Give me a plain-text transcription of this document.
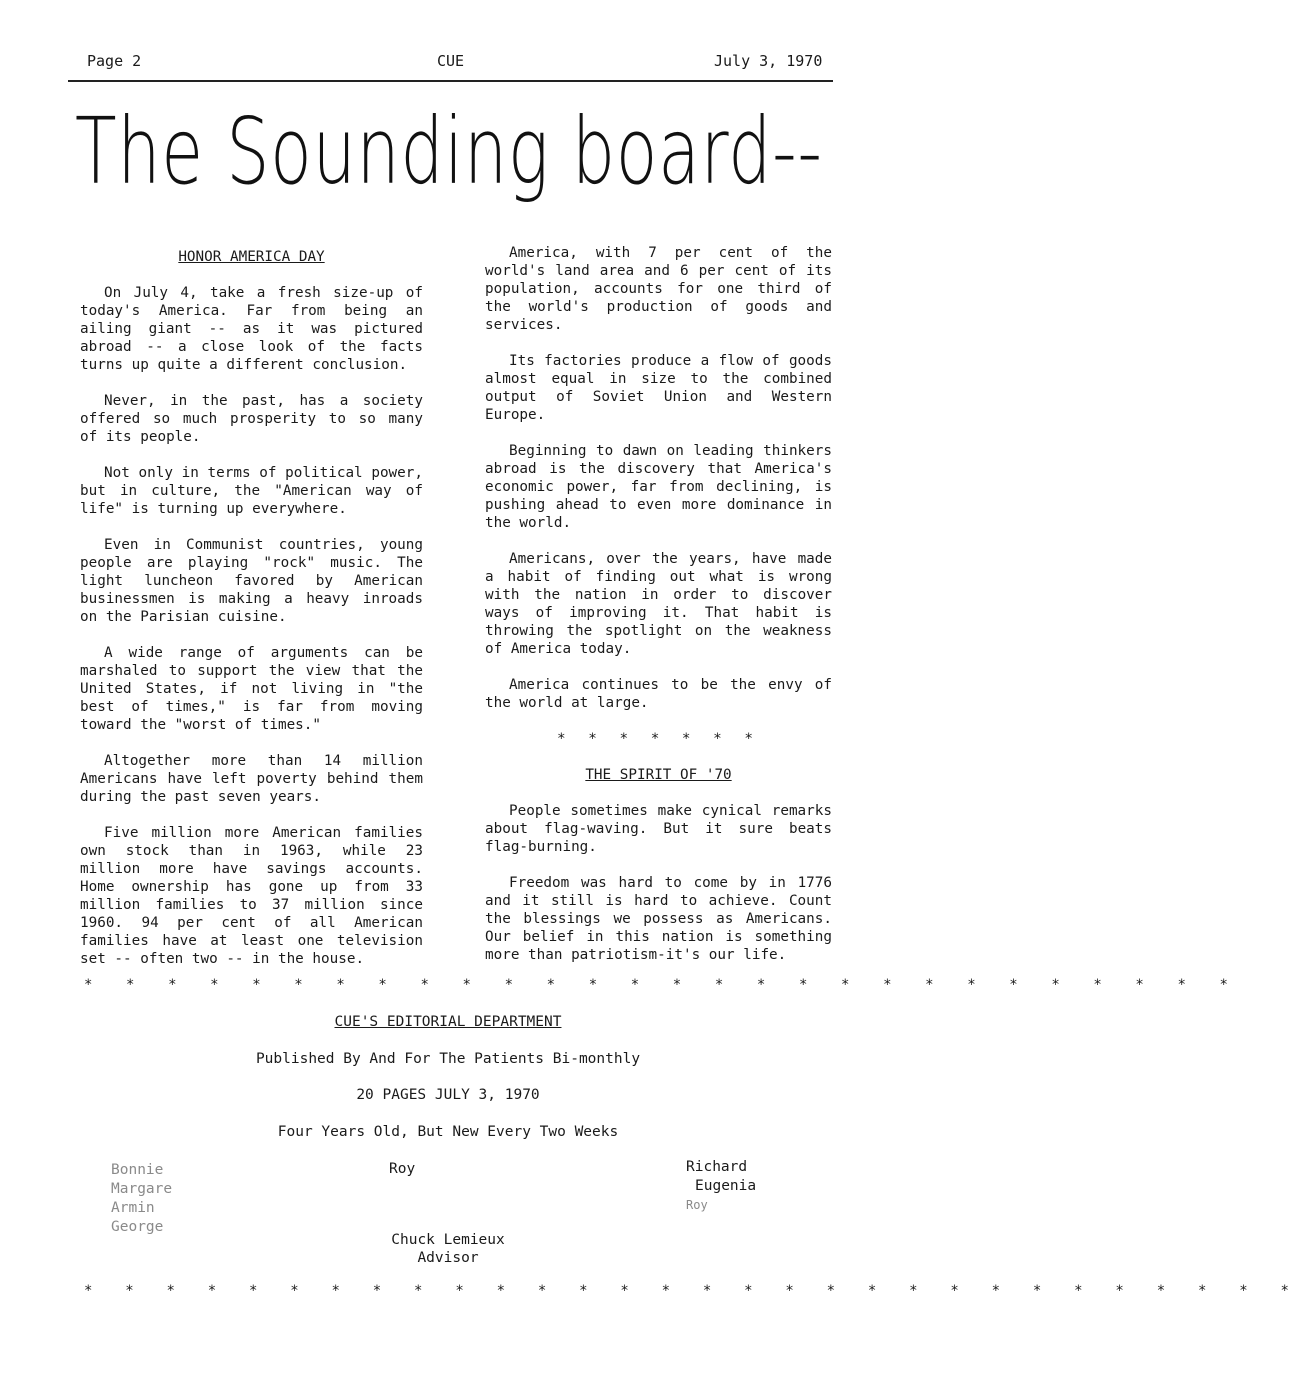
Page 2	CUE	July 3, 1970
The Sounding board--
HONOR AMERICA DAY

On July 4, take a fresh size-up of today's America. Far from being an ailing giant -- as it was pictured abroad -- a close look of the facts turns up quite a different conclusion.

Never, in the past, has a society offered so much prosperity to so many of its people.

Not only in terms of political power, but in culture, the "American way of life" is turning up everywhere.

Even in Communist countries, young people are playing "rock" music. The light luncheon favored by American businessmen is making a heavy inroads on the Parisian cuisine.

A wide range of arguments can be marshaled to support the view that the United States, if not living in "the best of times," is far from moving toward the "worst of times."

Altogether more than 14 million Americans have left poverty behind them during the past seven years.

Five million more American families own stock than in 1963, while 23 million more have savings accounts. Home ownership has gone up from 33 million families to 37 million since 1960. 94 per cent of all American families have at least one television set -- often two -- in the house.

America, with 7 per cent of the world's land area and 6 per cent of its population, accounts for one third of the world's production of goods and services.

Its factories produce a flow of goods almost equal in size to the combined output of Soviet Union and Western Europe.

Beginning to dawn on leading thinkers abroad is the discovery that America's economic power, far from declining, is pushing ahead to even more dominance in the world.

Americans, over the years, have made a habit of finding out what is wrong with the nation in order to discover ways of improving it. That habit is throwing the spotlight on the weakness of America today.

America continues to be the envy of the world at large.

* * * * * * *
THE SPIRIT OF '70

People sometimes make cynical remarks about flag-waving. But it sure beats flag-burning.

Freedom was hard to come by in 1776 and it still is hard to achieve. Count the blessings we possess as Americans. Our belief in this nation is something more than patriotism-it's our life.

* * * * * * * * * * * * * * * * * * * * * * * * * * * *
CUE'S EDITORIAL DEPARTMENT
Published By And For The Patients Bi-monthly
20 PAGES JULY 3, 1970
Four Years Old, But New Every Two Weeks
Bonnie
Margare
Armin
George
Roy	Richard
Eugenia
Roy
Chuck Lemieux
Advisor
* * * * * * * * * * * * * * * * * * * * * * * * * * * * * *
